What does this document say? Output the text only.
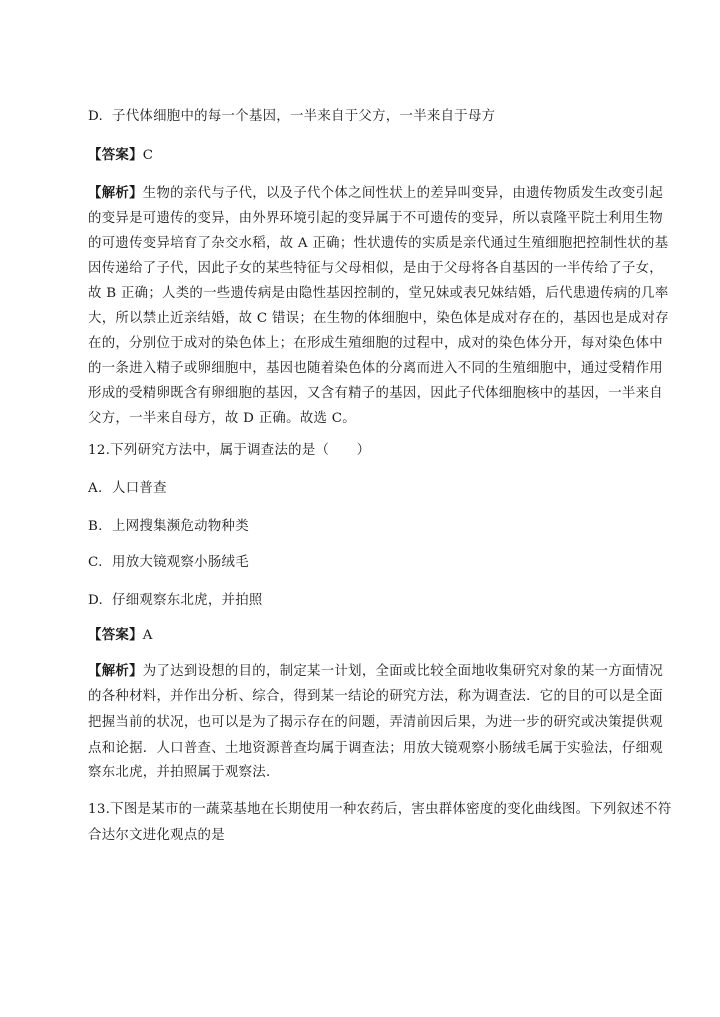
D. 子代体细胞中的每一个基因，一半来自于父方，一半来自于母方
【答案】C
【解析】生物的亲代与子代，以及子代个体之间性状上的差异叫变异，由遗传物质发生改变引起
的变异是可遗传的变异，由外界环境引起的变异属于不可遗传的变异，所以袁隆平院士利用生物
的可遗传变异培育了杂交水稻，故 A 正确；性状遗传的实质是亲代通过生殖细胞把控制性状的基
因传递给了子代，因此子女的某些特征与父母相似，是由于父母将各自基因的一半传给了子女，
故 B 正确；人类的一些遗传病是由隐性基因控制的，堂兄妹或表兄妹结婚，后代患遗传病的几率
大，所以禁止近亲结婚，故 C 错误；在生物的体细胞中，染色体是成对存在的，基因也是成对存
在的，分别位于成对的染色体上；在形成生殖细胞的过程中，成对的染色体分开，每对染色体中
的一条进入精子或卵细胞中，基因也随着染色体的分离而进入不同的生殖细胞中，通过受精作用
形成的受精卵既含有卵细胞的基因，又含有精子的基因，因此子代体细胞核中的基因，一半来自
父方，一半来自母方，故 D 正确。故选 C。
12.下列研究方法中，属于调查法的是（　　）
A. 人口普查
B. 上网搜集濒危动物种类
C. 用放大镜观察小肠绒毛
D. 仔细观察东北虎，并拍照
【答案】A
【解析】为了达到设想的目的，制定某一计划，全面或比较全面地收集研究对象的某一方面情况
的各种材料，并作出分析、综合，得到某一结论的研究方法，称为调查法．它的目的可以是全面
把握当前的状况，也可以是为了揭示存在的问题，弄清前因后果，为进一步的研究或决策提供观
点和论据．人口普查、土地资源普查均属于调查法；用放大镜观察小肠绒毛属于实验法，仔细观
察东北虎，并拍照属于观察法．
13.下图是某市的一蔬菜基地在长期使用一种农药后，害虫群体密度的变化曲线图。下列叙述不符
合达尔文进化观点的是
